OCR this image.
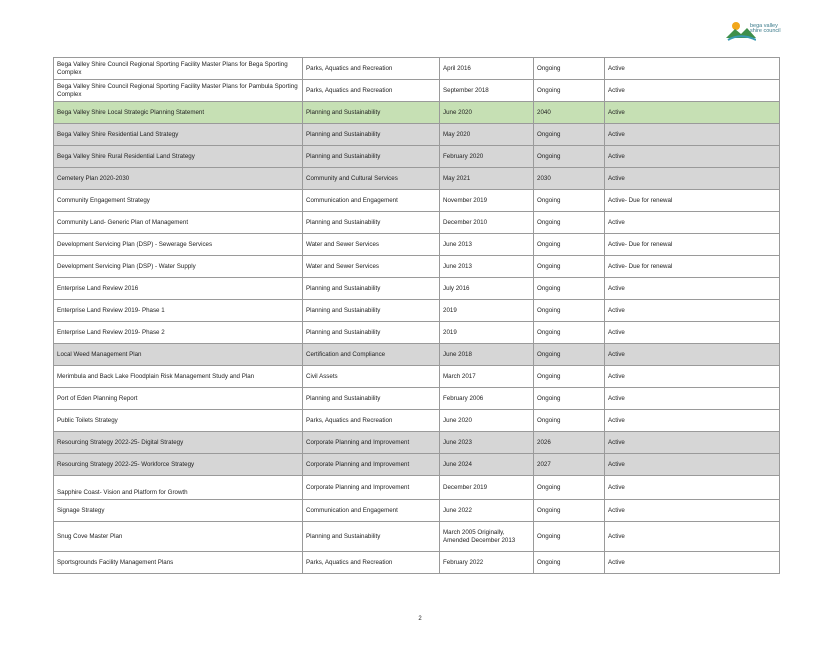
bega valley
shire council
Bega Valley Shire Council Regional Sporting Facility Master Plans for Bega Sporting Complex	Parks, Aquatics and Recreation	April 2016	Ongoing	Active
Bega Valley Shire Council Regional Sporting Facility Master Plans for Pambula Sporting Complex	Parks, Aquatics and Recreation	September 2018	Ongoing	Active
Bega Valley Shire Local Strategic Planning Statement	Planning and Sustainability	June 2020	2040	Active
Bega Valley Shire Residential Land Strategy	Planning and Sustainability	May 2020	Ongoing	Active
Bega Valley Shire Rural Residential Land Strategy	Planning and Sustainability	February 2020	Ongoing	Active
Cemetery Plan 2020-2030	Community and Cultural Services	May 2021	2030	Active
Community Engagement Strategy	Communication and Engagement	November 2019	Ongoing	Active- Due for renewal
Community Land- Generic Plan of Management	Planning and Sustainability	December 2010	Ongoing	Active
Development Servicing Plan (DSP) - Sewerage Services	Water and Sewer Services	June 2013	Ongoing	Active- Due for renewal
Development Servicing Plan (DSP) - Water Supply	Water and Sewer Services	June 2013	Ongoing	Active- Due for renewal
Enterprise Land Review 2016	Planning and Sustainability	July 2016	Ongoing	Active
Enterprise Land Review 2019- Phase 1	Planning and Sustainability	2019	Ongoing	Active
Enterprise Land Review 2019- Phase 2	Planning and Sustainability	2019	Ongoing	Active
Local Weed Management Plan	Certification and Compliance	June 2018	Ongoing	Active
Merimbula and Back Lake Floodplain Risk Management Study and Plan	Civil Assets	March 2017	Ongoing	Active
Port of Eden Planning Report	Planning and Sustainability	February 2006	Ongoing	Active
Public Toilets Strategy	Parks, Aquatics and Recreation	June 2020	Ongoing	Active
Resourcing Strategy 2022-25- Digital Strategy	Corporate Planning and Improvement	June 2023	2026	Active
Resourcing Strategy 2022-25- Workforce Strategy	Corporate Planning and Improvement	June 2024	2027	Active
Sapphire Coast- Vision and Platform for Growth	Corporate Planning and Improvement	December 2019	Ongoing	Active
Signage Strategy	Communication and Engagement	June 2022	Ongoing	Active
Snug Cove Master Plan	Planning and Sustainability	March 2005 Originally, Amended December 2013	Ongoing	Active
Sportsgrounds Facility Management Plans	Parks, Aquatics and Recreation	February 2022	Ongoing	Active
2
